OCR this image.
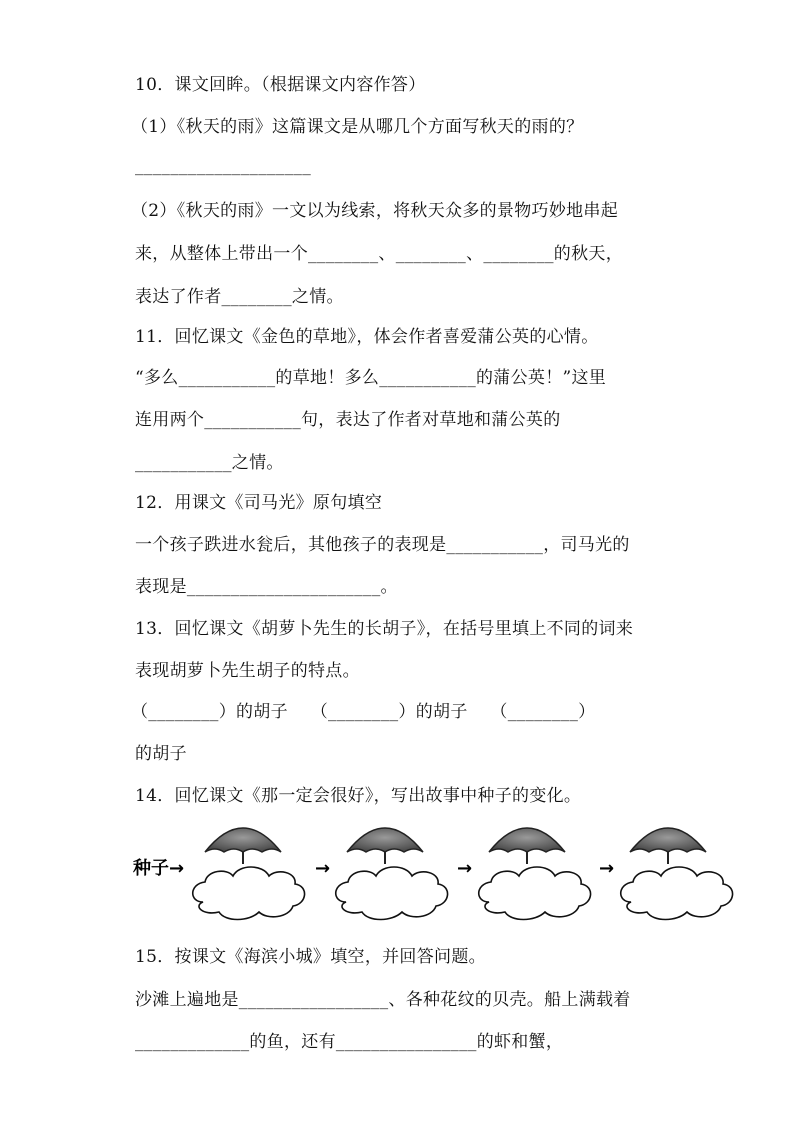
10．课文回眸。（根据课文内容作答）
（1）《秋天的雨》这篇课文是从哪几个方面写秋天的雨的？
____________________
（2）《秋天的雨》一文以为线索，将秋天众多的景物巧妙地串起
来，从整体上带出一个________、________、________的秋天，
表达了作者________之情。
11．回忆课文《金色的草地》，体会作者喜爱蒲公英的心情。
“多么___________的草地！多么___________的蒲公英！”这里
连用两个___________句，表达了作者对草地和蒲公英的
___________之情。
12．用课文《司马光》原句填空
一个孩子跌进水瓮后，其他孩子的表现是___________，司马光的
表现是______________________。
13．回忆课文《胡萝卜先生的长胡子》，在括号里填上不同的词来
表现胡萝卜先生胡子的特点。
（________）的胡子    （________）的胡子    （________）
的胡子
14．回忆课文《那一定会很好》，写出故事中种子的变化。
种子→	→	→	→
15．按课文《海滨小城》填空，并回答问题。
沙滩上遍地是_________________、各种花纹的贝壳。船上满载着
_____________的鱼，还有________________的虾和蟹，
